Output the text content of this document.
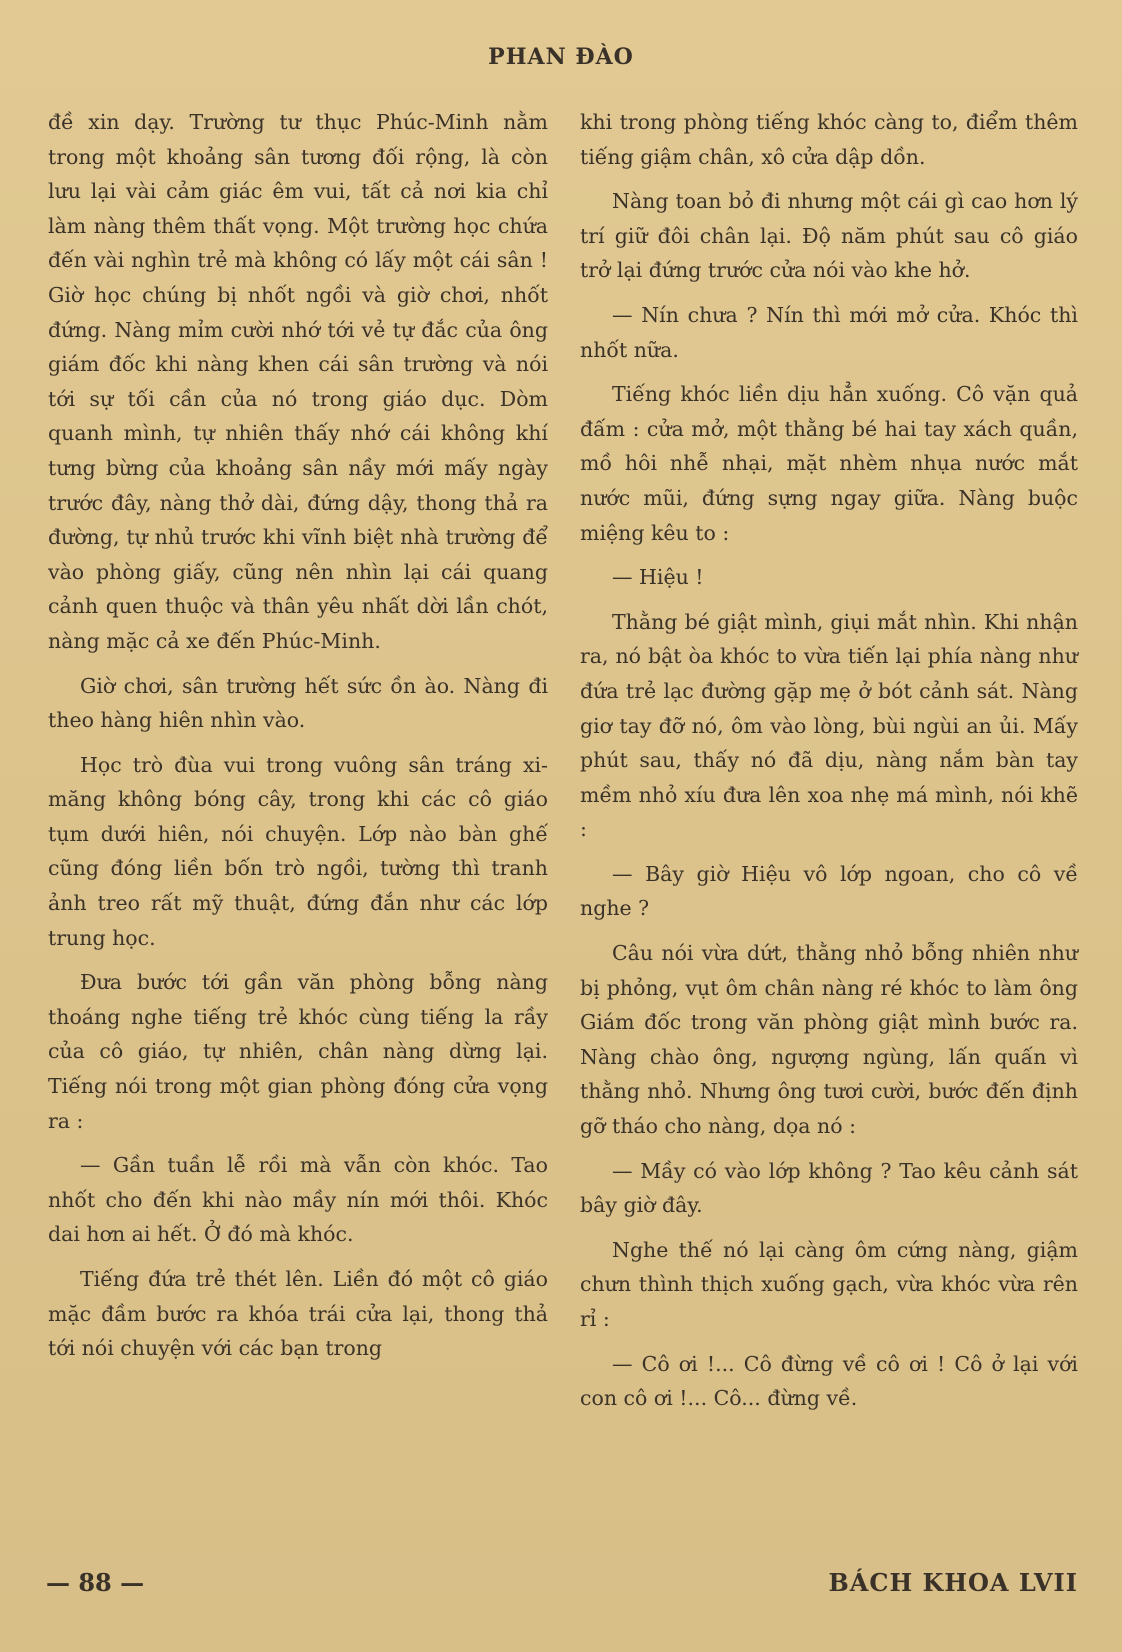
PHAN ĐÀO

đề xin dạy. Trường tư thục Phúc-Minh nằm trong một khoảng sân tương đối rộng, là còn lưu lại vài cảm giác êm vui, tất cả nơi kia chỉ làm nàng thêm thất vọng. Một trường học chứa đến vài nghìn trẻ mà không có lấy một cái sân ! Giờ học chúng bị nhốt ngồi và giờ chơi, nhốt đứng. Nàng mỉm cười nhớ tới vẻ tự đắc của ông giám đốc khi nàng khen cái sân trường và nói tới sự tối cần của nó trong giáo dục. Dòm quanh mình, tự nhiên thấy nhớ cái không khí tưng bừng của khoảng sân nầy mới mấy ngày trước đây, nàng thở dài, đứng dậy, thong thả ra đường, tự nhủ trước khi vĩnh biệt nhà trường để vào phòng giấy, cũng nên nhìn lại cái quang cảnh quen thuộc và thân yêu nhất dời lần chót, nàng mặc cả xe đến Phúc-Minh.

Giờ chơi, sân trường hết sức ồn ào. Nàng đi theo hàng hiên nhìn vào.

Học trò đùa vui trong vuông sân tráng xi-măng không bóng cây, trong khi các cô giáo tụm dưới hiên, nói chuyện. Lớp nào bàn ghế cũng đóng liền bốn trò ngồi, tường thì tranh ảnh treo rất mỹ thuật, đứng đắn như các lớp trung học.

Đưa bước tới gần văn phòng bỗng nàng thoáng nghe tiếng trẻ khóc cùng tiếng la rầy của cô giáo, tự nhiên, chân nàng dừng lại. Tiếng nói trong một gian phòng đóng cửa vọng ra :

— Gần tuần lễ rồi mà vẫn còn khóc. Tao nhốt cho đến khi nào mầy nín mới thôi. Khóc dai hơn ai hết. Ở đó mà khóc.

Tiếng đứa trẻ thét lên. Liền đó một cô giáo mặc đầm bước ra khóa trái cửa lại, thong thả tới nói chuyện với các bạn trong

khi trong phòng tiếng khóc càng to, điểm thêm tiếng giậm chân, xô cửa dập dồn.

Nàng toan bỏ đi nhưng một cái gì cao hơn lý trí giữ đôi chân lại. Độ năm phút sau cô giáo trở lại đứng trước cửa nói vào khe hở.

— Nín chưa ? Nín thì mới mở cửa. Khóc thì nhốt nữa.

Tiếng khóc liền dịu hẳn xuống. Cô vặn quả đấm : cửa mở, một thằng bé hai tay xách quần, mồ hôi nhễ nhại, mặt nhèm nhụa nước mắt nước mũi, đứng sựng ngay giữa. Nàng buộc miệng kêu to :

— Hiệu !

Thằng bé giật mình, giụi mắt nhìn. Khi nhận ra, nó bật òa khóc to vừa tiến lại phía nàng như đứa trẻ lạc đường gặp mẹ ở bót cảnh sát. Nàng giơ tay đỡ nó, ôm vào lòng, bùi ngùi an ủi. Mấy phút sau, thấy nó đã dịu, nàng nắm bàn tay mềm nhỏ xíu đưa lên xoa nhẹ má mình, nói khẽ :

— Bây giờ Hiệu vô lớp ngoan, cho cô về nghe ?

Câu nói vừa dứt, thằng nhỏ bỗng nhiên như bị phỏng, vụt ôm chân nàng ré khóc to làm ông Giám đốc trong văn phòng giật mình bước ra. Nàng chào ông, ngượng ngùng, lấn quấn vì thằng nhỏ. Nhưng ông tươi cười, bước đến định gỡ tháo cho nàng, dọa nó :

— Mầy có vào lớp không ? Tao kêu cảnh sát bây giờ đây.

Nghe thế nó lại càng ôm cứng nàng, giậm chưn thình thịch xuống gạch, vừa khóc vừa rên rỉ :

— Cô ơi !... Cô đừng về cô ơi ! Cô ở lại với con cô ơi !... Cô... đừng về.

— 88 —	BÁCH KHOA LVII
